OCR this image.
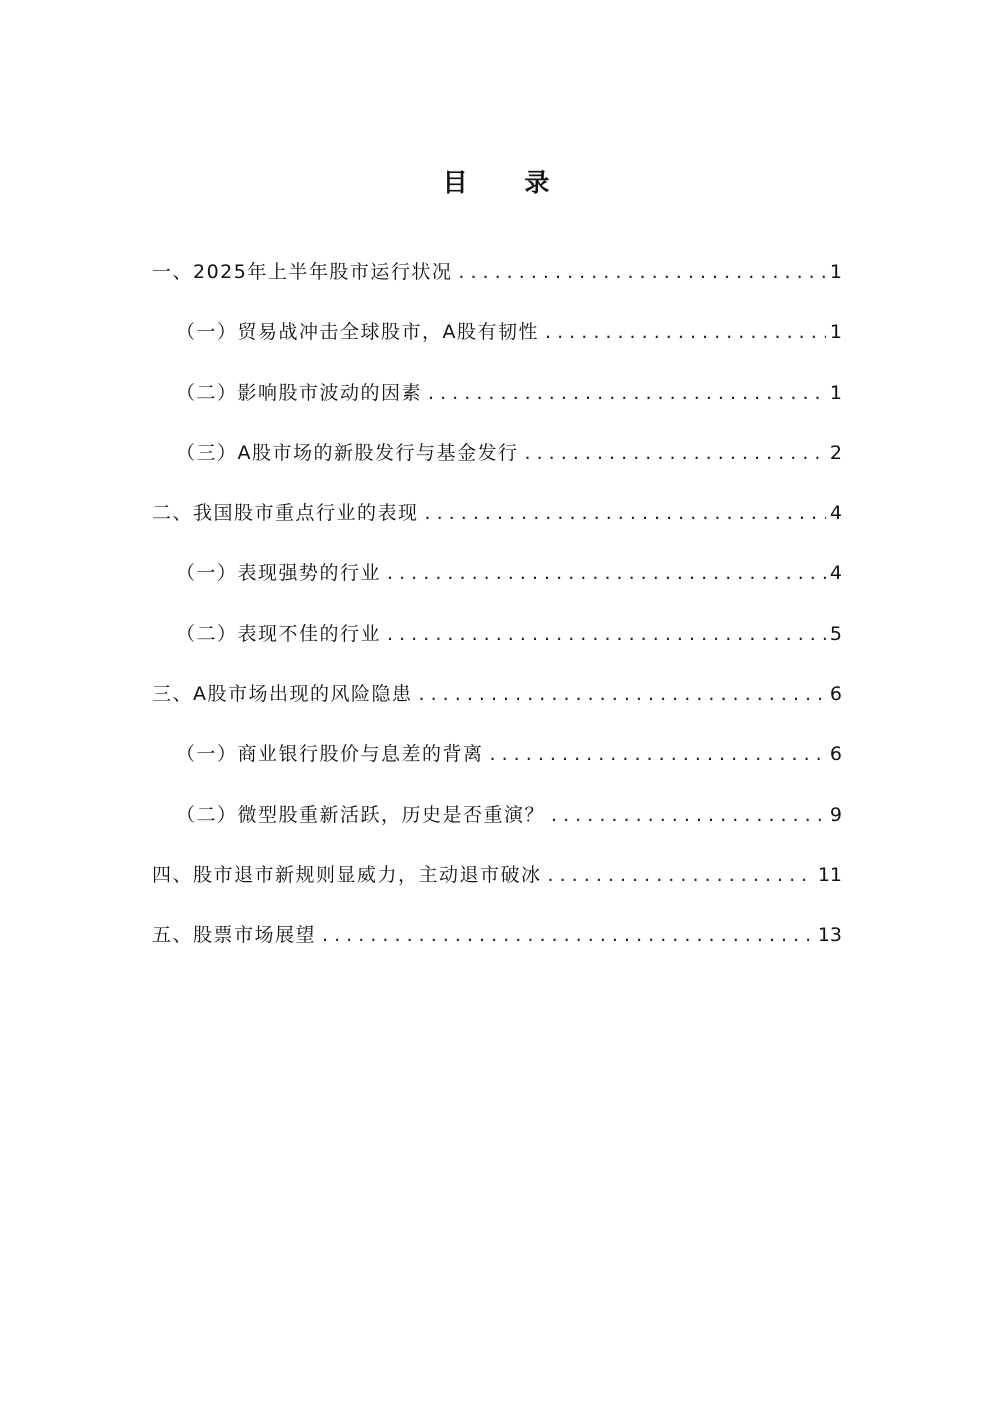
目 录
一、2025年上半年股市运行状况 . . .	1
（一）贸易战冲击全球股市，A股有韧性 . . .	1
（二）影响股市波动的因素 . . .	1
（三）A股市场的新股发行与基金发行 . . .	2
二、我国股市重点行业的表现 . . .	4
（一）表现强势的行业 . . .	4
（二）表现不佳的行业 . . .	5
三、A股市场出现的风险隐患 . . .	6
（一）商业银行股价与息差的背离 . . .	6
（二）微型股重新活跃，历史是否重演？ . . .	9
四、股市退市新规则显威力，主动退市破冰 . . .	11
五、股票市场展望 . . .	13
